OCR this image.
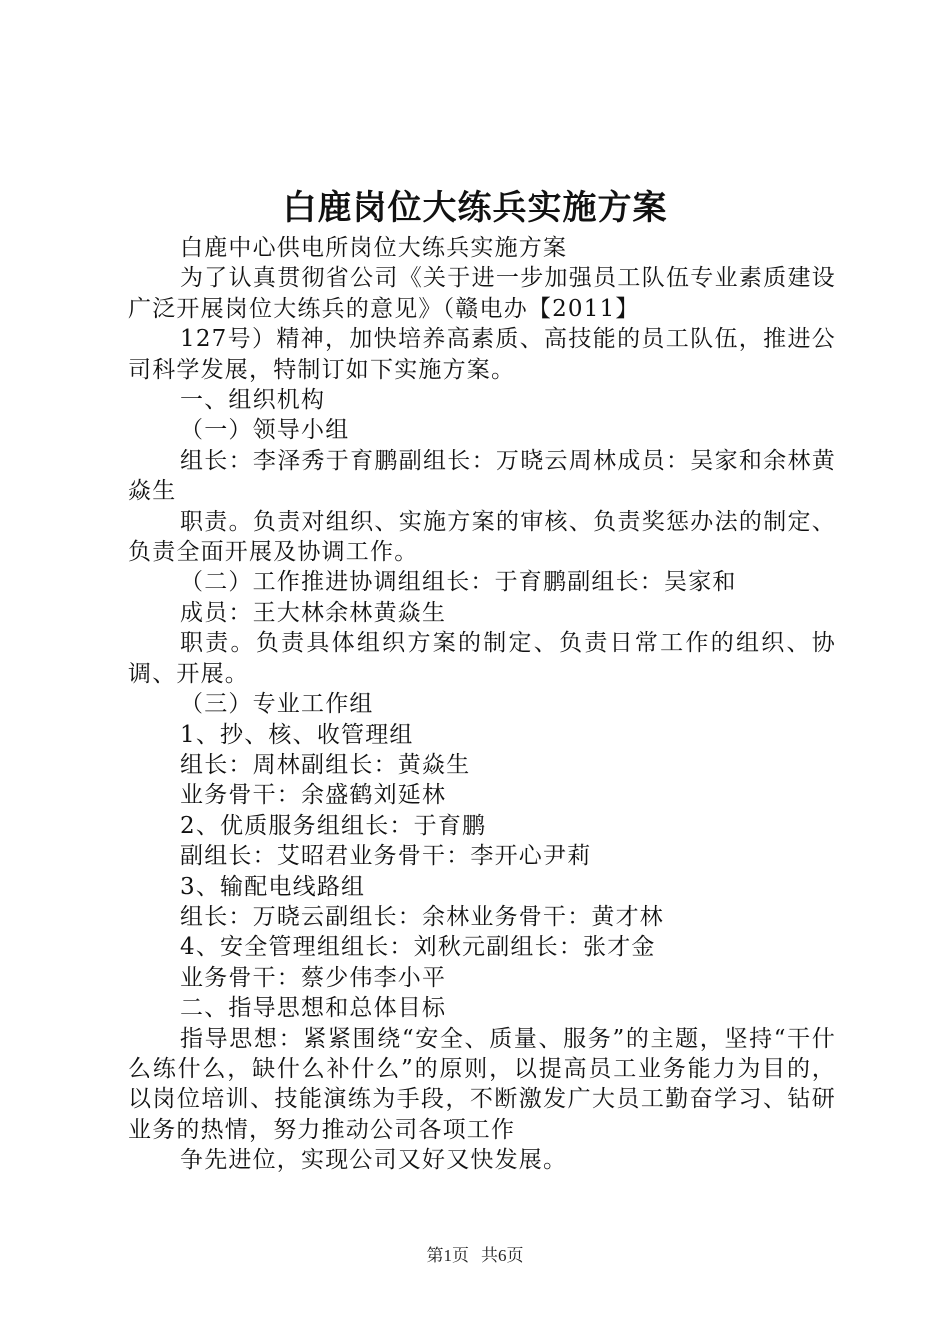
白鹿岗位大练兵实施方案

白鹿中心供电所岗位大练兵实施方案

为了认真贯彻省公司《关于进一步加强员工队伍专业素质建设广泛开展岗位大练兵的意见》（赣电办【2011】

127号）精神，加快培养高素质、高技能的员工队伍，推进公司科学发展，特制订如下实施方案。

一、组织机构

（一）领导小组

组长：李泽秀于育鹏副组长：万晓云周林成员：吴家和余林黄焱生

职责。负责对组织、实施方案的审核、负责奖惩办法的制定、负责全面开展及协调工作。

（二）工作推进协调组组长：于育鹏副组长：吴家和

成员：王大林余林黄焱生

职责。负责具体组织方案的制定、负责日常工作的组织、协调、开展。

（三）专业工作组

1、抄、核、收管理组

组长：周林副组长：黄焱生

业务骨干：余盛鹤刘延林

2、优质服务组组长：于育鹏

副组长：艾昭君业务骨干：李开心尹莉

3、输配电线路组

组长：万晓云副组长：余林业务骨干：黄才林

4、安全管理组组长：刘秋元副组长：张才金

业务骨干：蔡少伟李小平

二、指导思想和总体目标

指导思想：紧紧围绕“安全、质量、服务”的主题，坚持“干什么练什么，缺什么补什么”的原则，以提高员工业务能力为目的，以岗位培训、技能演练为手段，不断激发广大员工勤奋学习、钻研业务的热情，努力推动公司各项工作

争先进位，实现公司又好又快发展。

第1页 共6页
